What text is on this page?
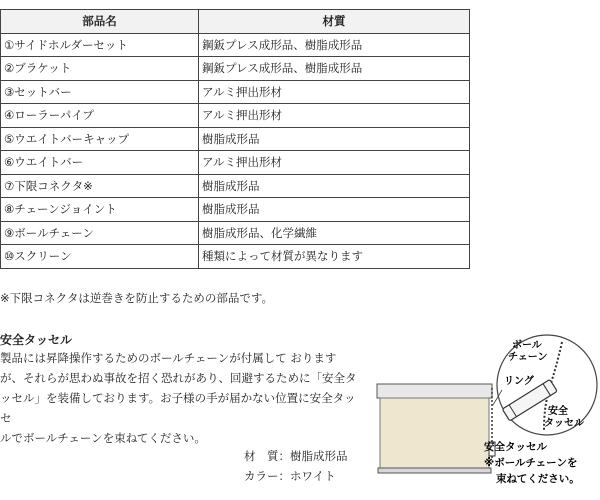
部品名	材質
①サイドホルダーセット	鋼鈑プレス成形品、樹脂成形品
②ブラケット	鋼鈑プレス成形品、樹脂成形品
③セットバー	アルミ押出形材
④ローラーパイプ	アルミ押出形材
⑤ウエイトバーキャップ	樹脂成形品
⑥ウエイトバー	アルミ押出形材
⑦下限コネクタ※	樹脂成形品
⑧チェーンジョイント	樹脂成形品
⑨ボールチェーン	樹脂成形品、化学繊維
⑩スクリーン	種類によって材質が異なります
※下限コネクタは逆巻きを防止するための部品です。
安全タッセル
製品には昇降操作するためのボールチェーンが付属して おります
が、それらが思わぬ事故を招く恐れがあり、回避するために「安全タ
ッセル」を装備しております。お子様の手が届かない位置に安全タッセ
ルでボールチェーンを束ねてください。
材　質：樹脂成形品
カラー：ホワイト
ボール
チェーン
リング
安全
タッセル
安全タッセル
※ボールチェーンを
束ねてください。
